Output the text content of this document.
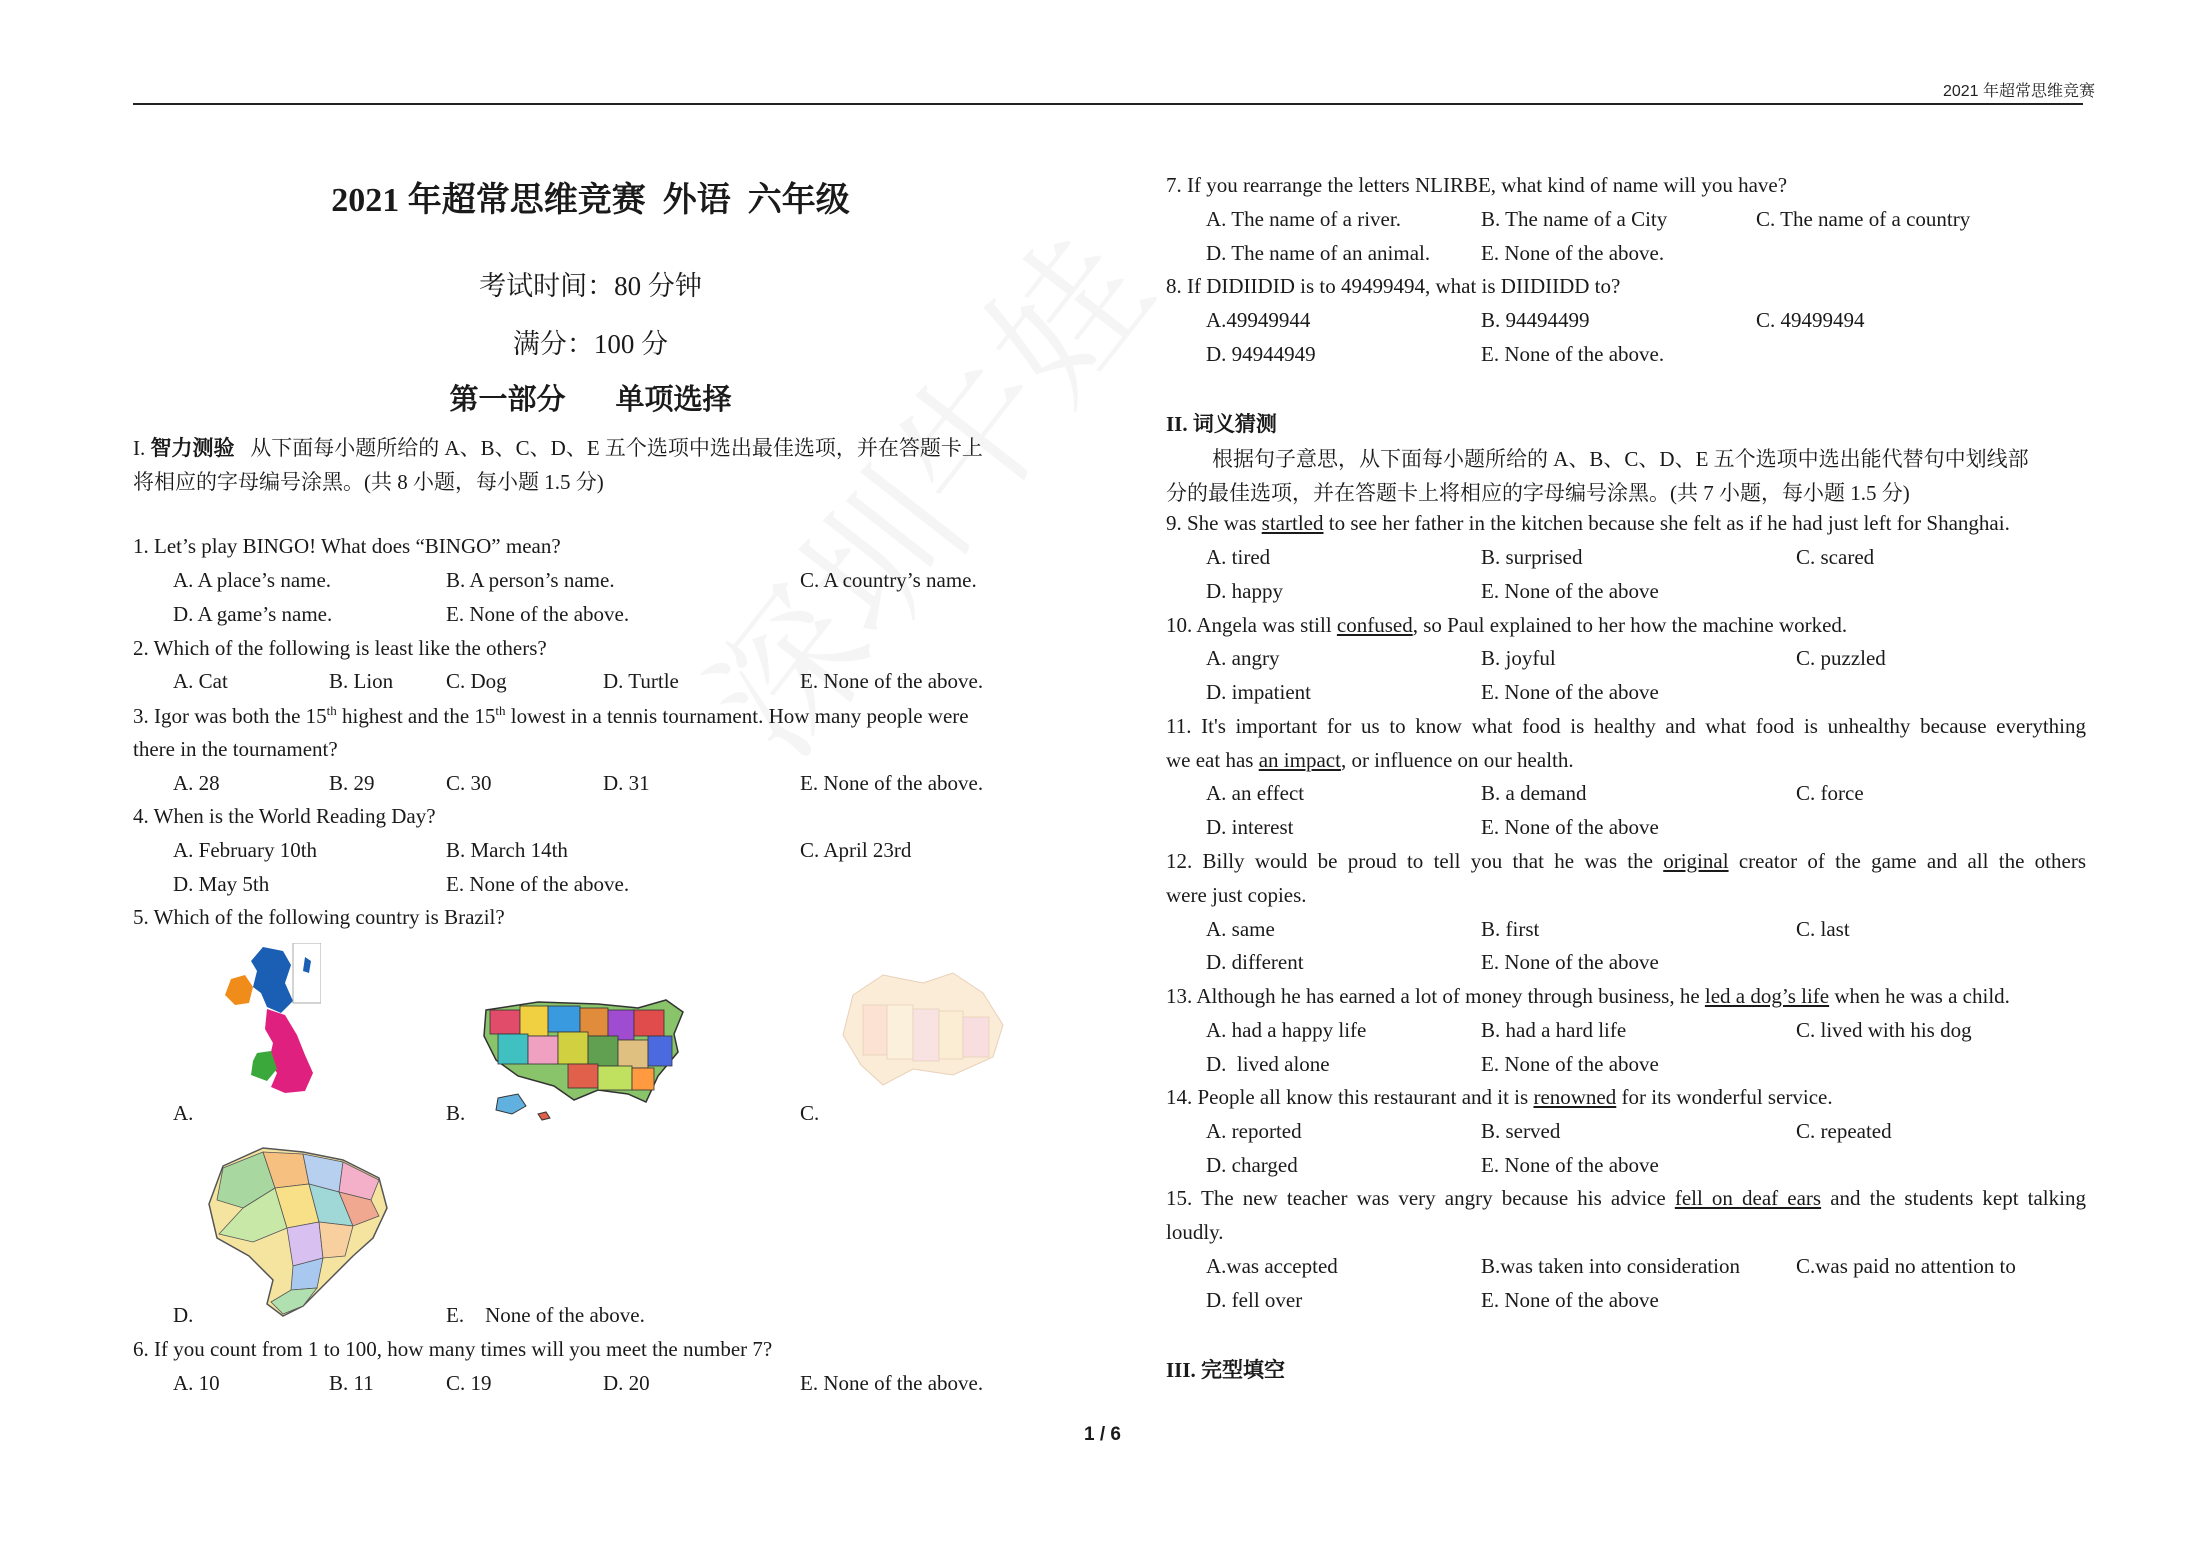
2021 年超常思维竞赛
2021 年超常思维竞赛  外语  六年级
考试时间：80 分钟
满分：100 分
第一部分 单项选择
I. 智力测验 从下面每小题所给的 A、B、C、D、E 五个选项中选出最佳选项，并在答题卡上
将相应的字母编号涂黑。(共 8 小题，每小题 1.5 分)
1. Let’s play BINGO! What does “BINGO” mean?
A. A place’s name.	B. A person’s name.	C. A country’s name.
D. A game’s name.	E. None of the above.
2. Which of the following is least like the others?
A. Cat	B. Lion	C. Dog	D. Turtle	E. None of the above.
3. Igor was both the 15th highest and the 15th lowest in a tennis tournament. How many people were
there in the tournament?
A. 28	B. 29	C. 30	D. 31	E. None of the above.
4. When is the World Reading Day?
A. February 10th	B. March 14th	C. April 23rd
D. May 5th	E. None of the above.
5. Which of the following country is Brazil?
A.	B.	C.
D.	E.    None of the above.
6. If you count from 1 to 100, how many times will you meet the number 7?
A. 10	B. 11	C. 19	D. 20	E. None of the above.
7. If you rearrange the letters NLIRBE, what kind of name will you have?
A. The name of a river.	B. The name of a City	C. The name of a country
D. The name of an animal. E. None of the above.
8. If DIDIIDID is to 49499494, what is DIIDIIDD to?
A.49949944	B. 94494499	C. 49499494
D. 94944949	E. None of the above.
II. 词义猜测
根据句子意思，从下面每小题所给的 A、B、C、D、E 五个选项中选出能代替句中划线部
分的最佳选项，并在答题卡上将相应的字母编号涂黑。(共 7 小题，每小题 1.5 分)
9. She was startled to see her father in the kitchen because she felt as if he had just left for Shanghai.
A. tired	B. surprised	C. scared
D. happy	E. None of the above
10. Angela was still confused, so Paul explained to her how the machine worked.
A. angry	B. joyful	C. puzzled
D. impatient	E. None of the above
11. It's important for us to know what food is healthy and what food is unhealthy because everything
we eat has an impact, or influence on our health.
A. an effect	B. a demand	C. force
D. interest	E. None of the above
12. Billy would be proud to tell you that he was the original creator of the game and all the others
were just copies.
A. same	B. first	C. last
D. different	E. None of the above
13. Although he has earned a lot of money through business, he led a dog’s life when he was a child.
A. had a happy life	B. had a hard life	C. lived with his dog
D.  lived alone	E. None of the above
14. People all know this restaurant and it is renowned for its wonderful service.
A. reported	B. served	C. repeated
D. charged	E. None of the above
15. The new teacher was very angry because his advice fell on deaf ears and the students kept talking
loudly.
A.was accepted	B.was taken into consideration	C.was paid no attention to
D. fell over	E. None of the above
III. 完型填空
1 / 6
